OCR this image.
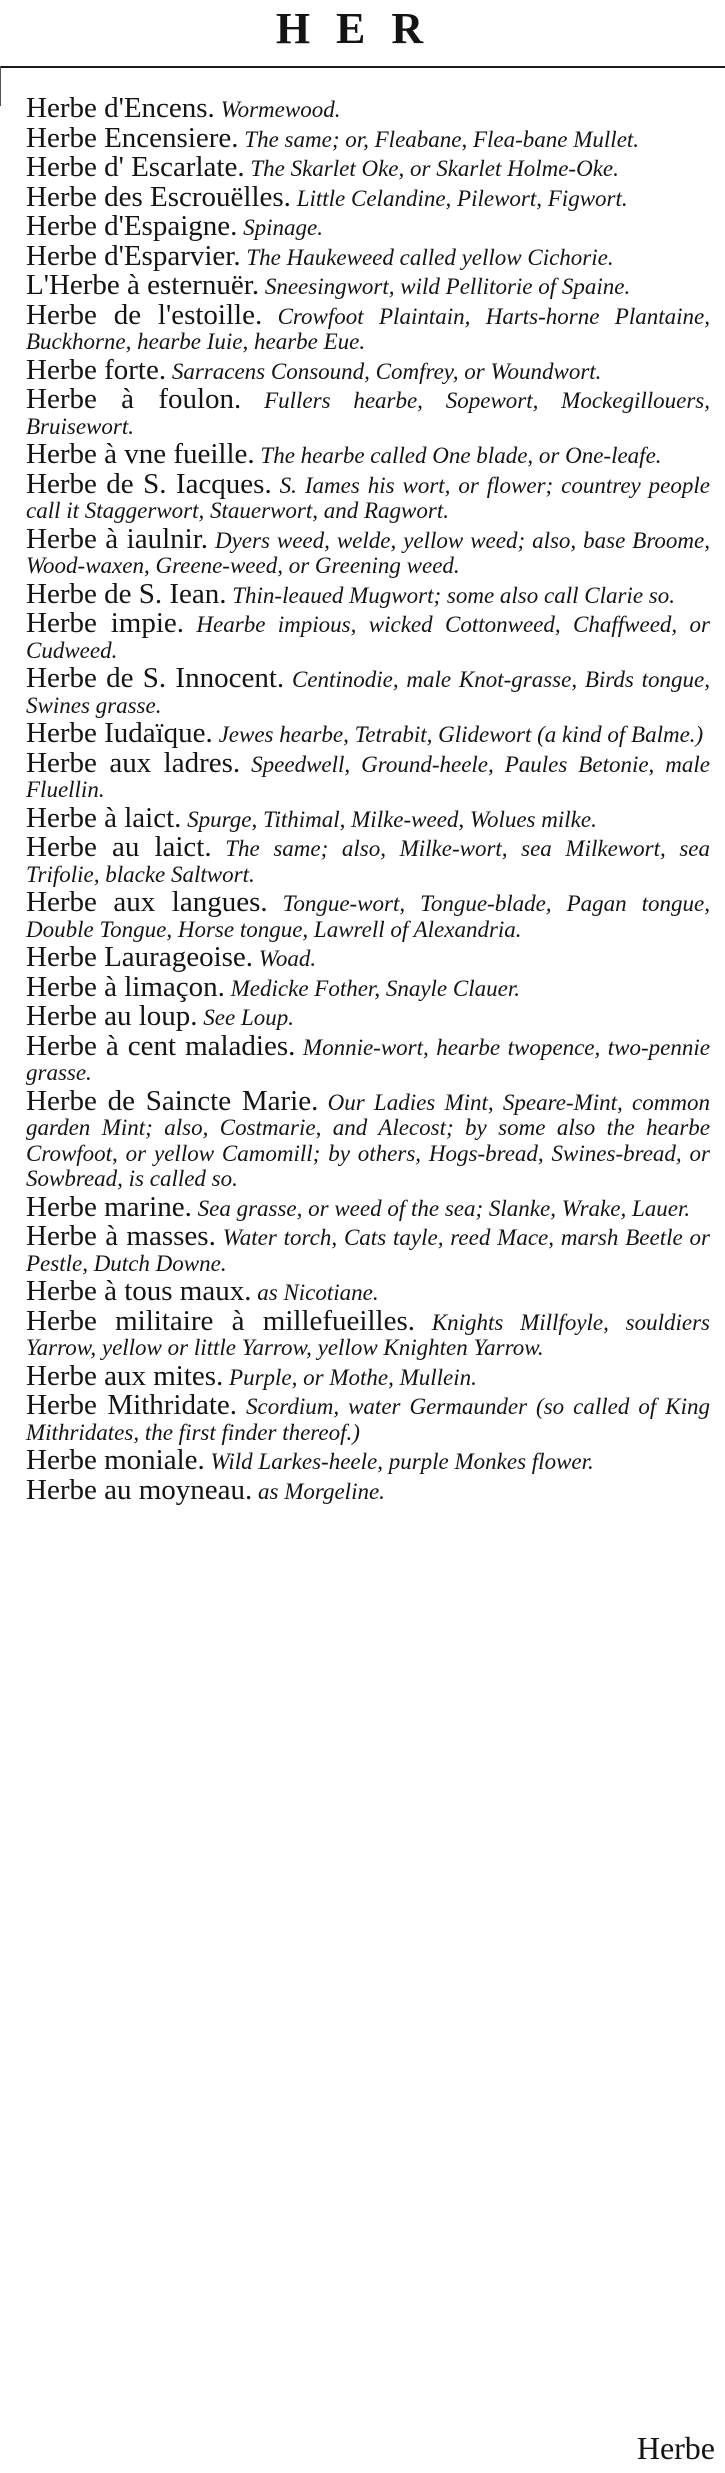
HER
Herbe d'Encens. Wormewood.
Herbe Encensiere. The same; or, Fleabane, Flea-bane Mullet.
Herbe d' Escarlate. The Skarlet Oke, or Skarlet Holme-Oke.
Herbe des Escrouëlles. Little Celandine, Pilewort, Figwort.
Herbe d'Espaigne. Spinage.
Herbe d'Esparvier. The Haukeweed called yellow Cichorie.
L'Herbe à esternuër. Sneesingwort, wild Pellitorie of Spaine.
Herbe de l'estoille. Crowfoot Plaintain, Harts-horne Plantaine, Buckhorne, hearbe Iuie, hearbe Eue.
Herbe forte. Sarracens Consound, Comfrey, or Woundwort.
Herbe à foulon. Fullers hearbe, Sopewort, Mockegillouers, Bruisewort.
Herbe à vne fueille. The hearbe called One blade, or One-leafe.
Herbe de S. Iacques. S. Iames his wort, or flower; countrey people call it Staggerwort, Stauerwort, and Ragwort.
Herbe à iaulnir. Dyers weed, welde, yellow weed; also, base Broome, Wood-waxen, Greene-weed, or Greening weed.
Herbe de S. Iean. Thin-leaued Mugwort; some also call Clarie so.
Herbe impie. Hearbe impious, wicked Cottonweed, Chaffweed, or Cudweed.
Herbe de S. Innocent. Centinodie, male Knot-grasse, Birds tongue, Swines grasse.
Herbe Iudaïque. Jewes hearbe, Tetrabit, Glidewort (a kind of Balme.)
Herbe aux ladres. Speedwell, Ground-heele, Paules Betonie, male Fluellin.
Herbe à laict. Spurge, Tithimal, Milke-weed, Wolues milke.
Herbe au laict. The same; also, Milke-wort, sea Milkewort, sea Trifolie, blacke Saltwort.
Herbe aux langues. Tongue-wort, Tongue-blade, Pagan tongue, Double Tongue, Horse tongue, Lawrell of Alexandria.
Herbe Laurageoise. Woad.
Herbe à limaçon. Medicke Fother, Snayle Clauer.
Herbe au loup. See Loup.
Herbe à cent maladies. Monnie-wort, hearbe twopence, two-pennie grasse.
Herbe de Saincte Marie. Our Ladies Mint, Speare-Mint, common garden Mint; also, Costmarie, and Alecost; by some also the hearbe Crowfoot, or yellow Camomill; by others, Hogs-bread, Swines-bread, or Sowbread, is called so.
Herbe marine. Sea grasse, or weed of the sea; Slanke, Wrake, Lauer.
Herbe à masses. Water torch, Cats tayle, reed Mace, marsh Beetle or Pestle, Dutch Downe.
Herbe à tous maux. as Nicotiane.
Herbe militaire à millefueilles. Knights Millfoyle, souldiers Yarrow, yellow or little Yarrow, yellow Knighten Yarrow.
Herbe aux mites. Purple, or Mothe, Mullein.
Herbe Mithridate. Scordium, water Germaunder (so called of King Mithridates, the first finder thereof.)
Herbe moniale. Wild Larkes-heele, purple Monkes flower.
Herbe au moyneau. as Morgeline.
Herbe
